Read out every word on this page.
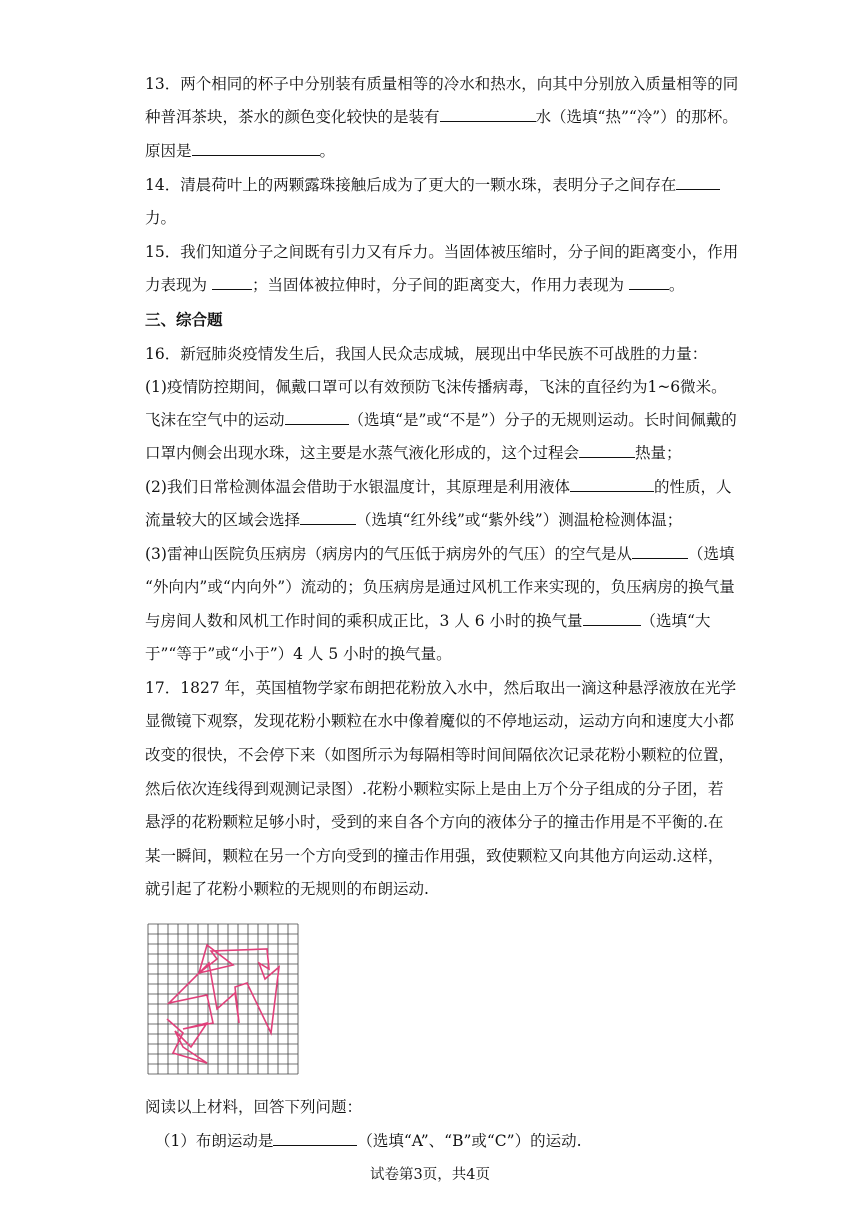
13．两个相同的杯子中分别装有质量相等的冷水和热水，向其中分别放入质量相等的同
种普洱茶块，茶水的颜色变化较快的是装有	水（选填“热”“冷”）的那杯。
原因是	。
14．清晨荷叶上的两颗露珠接触后成为了更大的一颗水珠，表明分子之间存在
力。
15．我们知道分子之间既有引力又有斥力。当固体被压缩时，分子间的距离变小，作用
力表现为	；当固体被拉伸时，分子间的距离变大，作用力表现为	。
三、综合题
16．新冠肺炎疫情发生后，我国人民众志成城，展现出中华民族不可战胜的力量：
(1)疫情防控期间，佩戴口罩可以有效预防飞沫传播病毒，飞沫的直径约为1~6微米。
飞沫在空气中的运动	（选填“是”或“不是”）分子的无规则运动。长时间佩戴的
口罩内侧会出现水珠，这主要是水蒸气液化形成的，这个过程会	热量；
(2)我们日常检测体温会借助于水银温度计，其原理是利用液体	的性质，人
流量较大的区域会选择	（选填“红外线”或“紫外线”）测温枪检测体温；
(3)雷神山医院负压病房（病房内的气压低于病房外的气压）的空气是从	（选填
“外向内”或“内向外”）流动的；负压病房是通过风机工作来实现的，负压病房的换气量
与房间人数和风机工作时间的乘积成正比，3 人 6 小时的换气量	（选填“大
于”“等于”或“小于”）4 人 5 小时的换气量。
17．1827 年，英国植物学家布朗把花粉放入水中，然后取出一滴这种悬浮液放在光学
显微镜下观察，发现花粉小颗粒在水中像着魔似的不停地运动，运动方向和速度大小都
改变的很快，不会停下来（如图所示为每隔相等时间间隔依次记录花粉小颗粒的位置，
然后依次连线得到观测记录图）.花粉小颗粒实际上是由上万个分子组成的分子团，若
悬浮的花粉颗粒足够小时，受到的来自各个方向的液体分子的撞击作用是不平衡的.在
某一瞬间，颗粒在另一个方向受到的撞击作用强，致使颗粒又向其他方向运动.这样，
就引起了花粉小颗粒的无规则的布朗运动.
阅读以上材料，回答下列问题：
（1）布朗运动是	（选填“A”、“B”或“C”）的运动.
试卷第3页，共4页
